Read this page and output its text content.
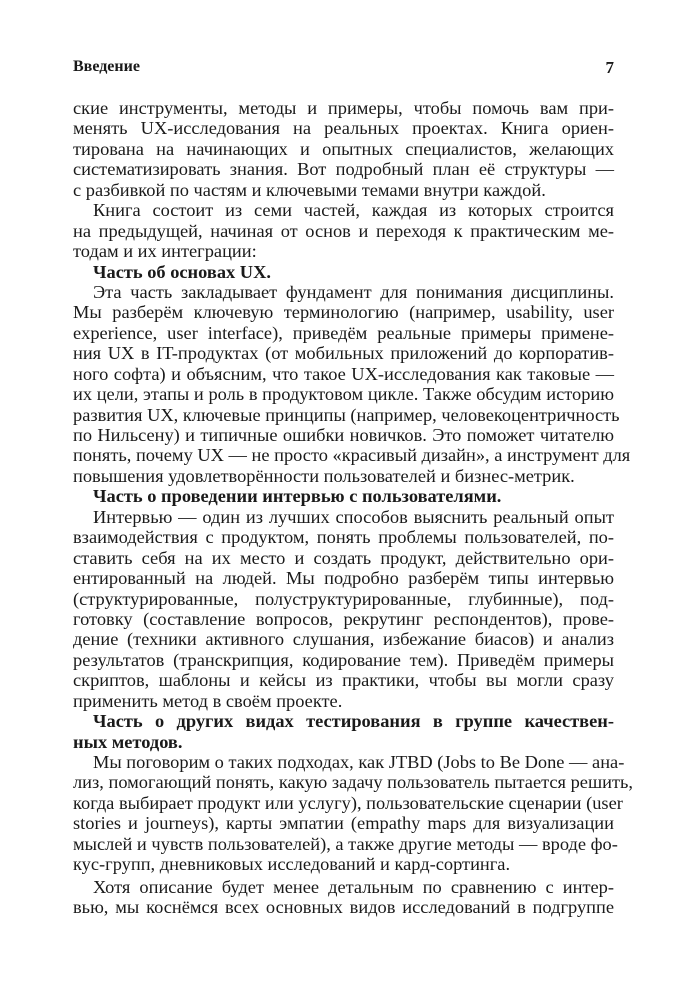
Введение	7
ские инструменты, методы и примеры, чтобы помочь вам при-
менять UX-исследования на реальных проектах. Книга ориен-
тирована на начинающих и опытных специалистов, желающих
систематизировать знания. Вот подробный план её структуры —
с разбивкой по частям и ключевыми темами внутри каждой.
Книга состоит из семи частей, каждая из которых строится
на предыдущей, начиная от основ и переходя к практическим ме-
тодам и их интеграции:
Часть об основах UX.
Эта часть закладывает фундамент для понимания дисциплины.
Мы разберём ключевую терминологию (например, usability, user
experience, user interface), приведём реальные примеры примене-
ния UX в IT-продуктах (от мобильных приложений до корпоратив-
ного софта) и объясним, что такое UX-исследования как таковые —
их цели, этапы и роль в продуктовом цикле. Также обсудим историю
развития UX, ключевые принципы (например, человекоцентричность
по Нильсену) и типичные ошибки новичков. Это поможет читателю
понять, почему UX — не просто «красивый дизайн», а инструмент для
повышения удовлетворённости пользователей и бизнес-метрик.
Часть о проведении интервью с пользователями.
Интервью — один из лучших способов выяснить реальный опыт
взаимодействия с продуктом, понять проблемы пользователей, по-
ставить себя на их место и создать продукт, действительно ори-
ентированный на людей. Мы подробно разберём типы интервью
(структурированные, полуструктурированные, глубинные), под-
готовку (составление вопросов, рекрутинг респондентов), прове-
дение (техники активного слушания, избежание биасов) и анализ
результатов (транскрипция, кодирование тем). Приведём примеры
скриптов, шаблоны и кейсы из практики, чтобы вы могли сразу
применить метод в своём проекте.
Часть о других видах тестирования в группе качествен-
ных методов.
Мы поговорим о таких подходах, как JTBD (Jobs to Be Done — ана-
лиз, помогающий понять, какую задачу пользователь пытается решить,
когда выбирает продукт или услугу), пользовательские сценарии (user
stories и journeys), карты эмпатии (empathy maps для визуализации
мыслей и чувств пользователей), а также другие методы — вроде фо-
кус-групп, дневниковых исследований и кард-сортинга.
Хотя описание будет менее детальным по сравнению с интер-
вью, мы коснёмся всех основных видов исследований в подгруппе
